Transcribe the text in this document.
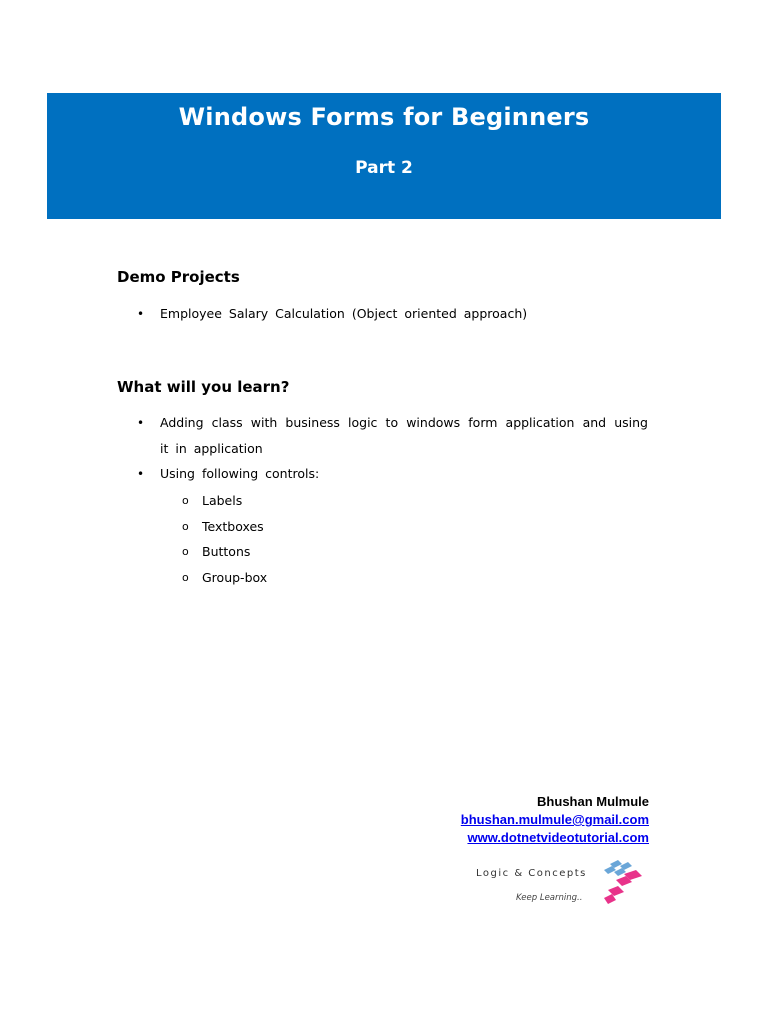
Windows Forms for Beginners
Part 2
Demo Projects
• Employee Salary Calculation (Object oriented approach)
What will you learn?
• Adding class with business logic to windows form application and using it in application
• Using following controls:
o Labels
o Textboxes
o Buttons
o Group-box
Bhushan Mulmule
bhushan.mulmule@gmail.com
www.dotnetvideotutorial.com
Logic & Concepts
Keep Learning..
